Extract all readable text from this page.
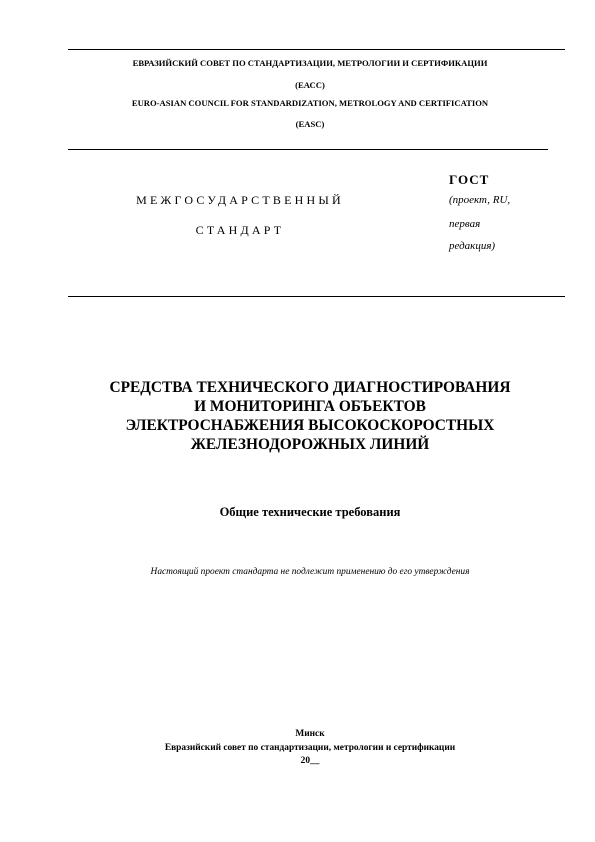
ЕВРАЗИЙСКИЙ СОВЕТ ПО СТАНДАРТИЗАЦИИ, МЕТРОЛОГИИ И СЕРТИФИКАЦИИ
(ЕАСС)
EURO-ASIAN COUNCIL FOR STANDARDIZATION, METROLOGY AND CERTIFICATION
(EASC)
МЕЖГОСУДАРСТВЕННЫЙ
СТАНДАРТ
ГОСТ
(проект, RU,
первая
редакция)
СРЕДСТВА ТЕХНИЧЕСКОГО ДИАГНОСТИРОВАНИЯ
И МОНИТОРИНГА ОБЪЕКТОВ
ЭЛЕКТРОСНАБЖЕНИЯ ВЫСОКОСКОРОСТНЫХ
ЖЕЛЕЗНОДОРОЖНЫХ ЛИНИЙ
Общие технические требования
Настоящий проект стандарта не подлежит применению до его утверждения
Минск
Евразийский совет по стандартизации, метрологии и сертификации
20__
